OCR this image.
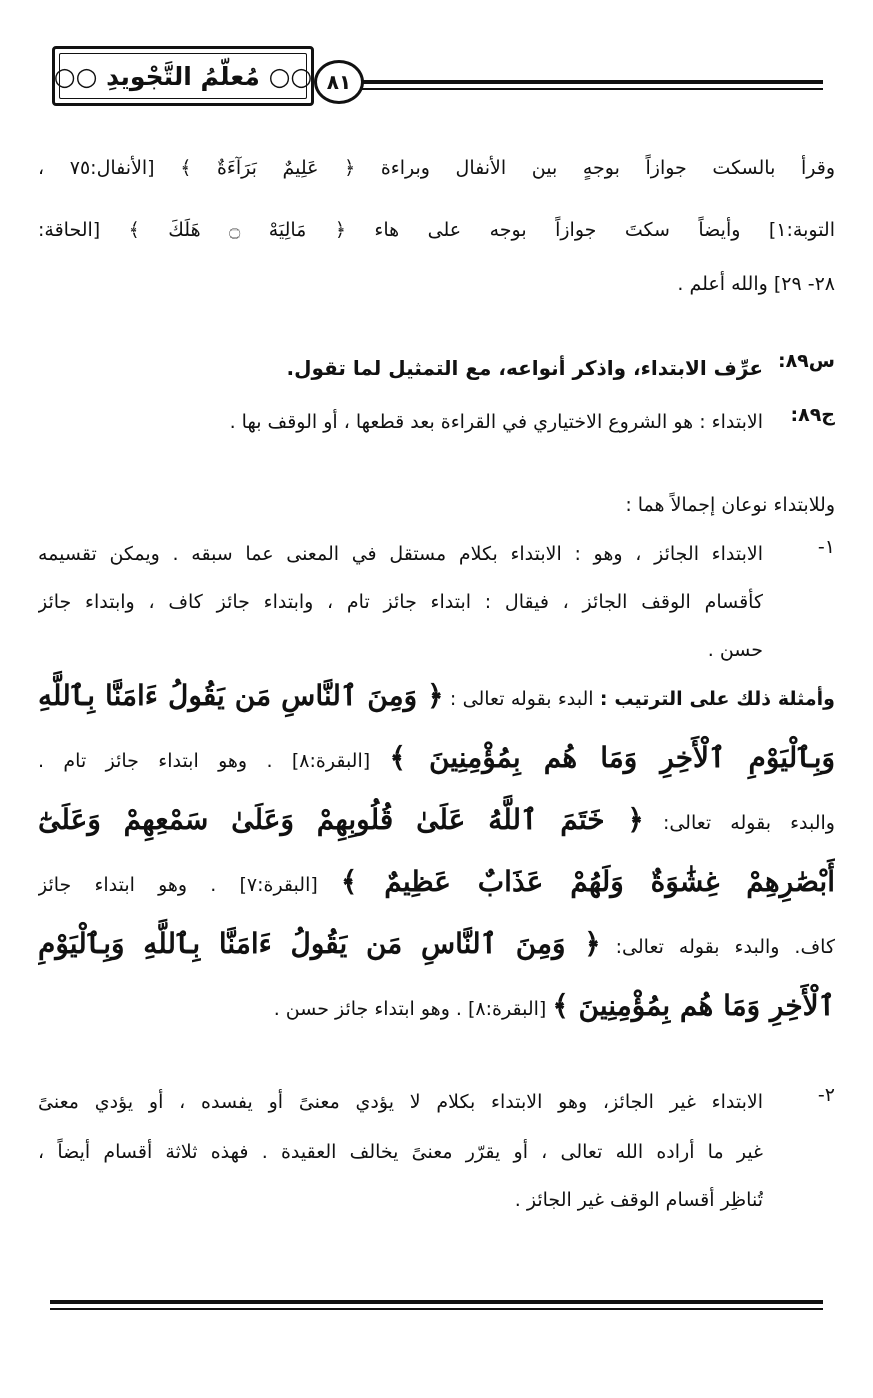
٨١
○○ مُعلّمُ التَّجْويدِ ○○
وقرأ بالسكت جوازاً بوجهٍ بين الأنفال وبراءة ﴿ عَلِيمٌ بَرَآءَةٌ ﴾ [الأنفال:٧٥ ،
التوبة:١] وأيضاً سكتَ جوازاً بوجه على هاء ﴿ مَالِيَهْ ۝ هَلَكَ ﴾ [الحاقة:
٢٨- ٢٩] والله أعلم .
س٨٩:
عرِّف الابتداء، واذكر أنواعه، مع التمثيل لما تقول.
ج٨٩:
الابتداء : هو الشروع الاختياري في القراءة بعد قطعها ، أو الوقف بها .
وللابتداء نوعان إجمالاً هما :
١-
الابتداء الجائز ، وهو : الابتداء بكلام مستقل في المعنى عما سبقه . ويمكن تقسيمه
كأقسام الوقف الجائز ، فيقال : ابتداء جائز تام ، وابتداء جائز كاف ، وابتداء جائز
حسن .
وأمثلة ذلك على الترتيب : البدء بقوله تعالى : ﴿ وَمِنَ ٱلنَّاسِ مَن يَقُولُ ءَامَنَّا بِٱللَّهِ
وَبِٱلْيَوْمِ ٱلْأَخِرِ وَمَا هُم بِمُؤْمِنِينَ ﴾ [البقرة:٨] . وهو ابتداء جائز تام .
والبدء بقوله تعالى: ﴿ خَتَمَ ٱللَّهُ عَلَىٰ قُلُوبِهِمْ وَعَلَىٰ سَمْعِهِمْ وَعَلَىٰٓ
أَبْصَٰرِهِمْ غِشَٰوَةٌ وَلَهُمْ عَذَابٌ عَظِيمٌ ﴾ [البقرة:٧] . وهو ابتداء جائز
كاف. والبدء بقوله تعالى: ﴿ وَمِنَ ٱلنَّاسِ مَن يَقُولُ ءَامَنَّا بِٱللَّهِ وَبِٱلْيَوْمِ
ٱلْأَخِرِ وَمَا هُم بِمُؤْمِنِينَ ﴾ [البقرة:٨] . وهو ابتداء جائز حسن .
٢-
الابتداء غير الجائز، وهو الابتداء بكلام لا يؤدي معنىً أو يفسده ، أو يؤدي معنىً
غير ما أراده الله تعالى ، أو يقرّر معنىً يخالف العقيدة . فهذه ثلاثة أقسام أيضاً ،
تُناظِر أقسام الوقف غير الجائز .
